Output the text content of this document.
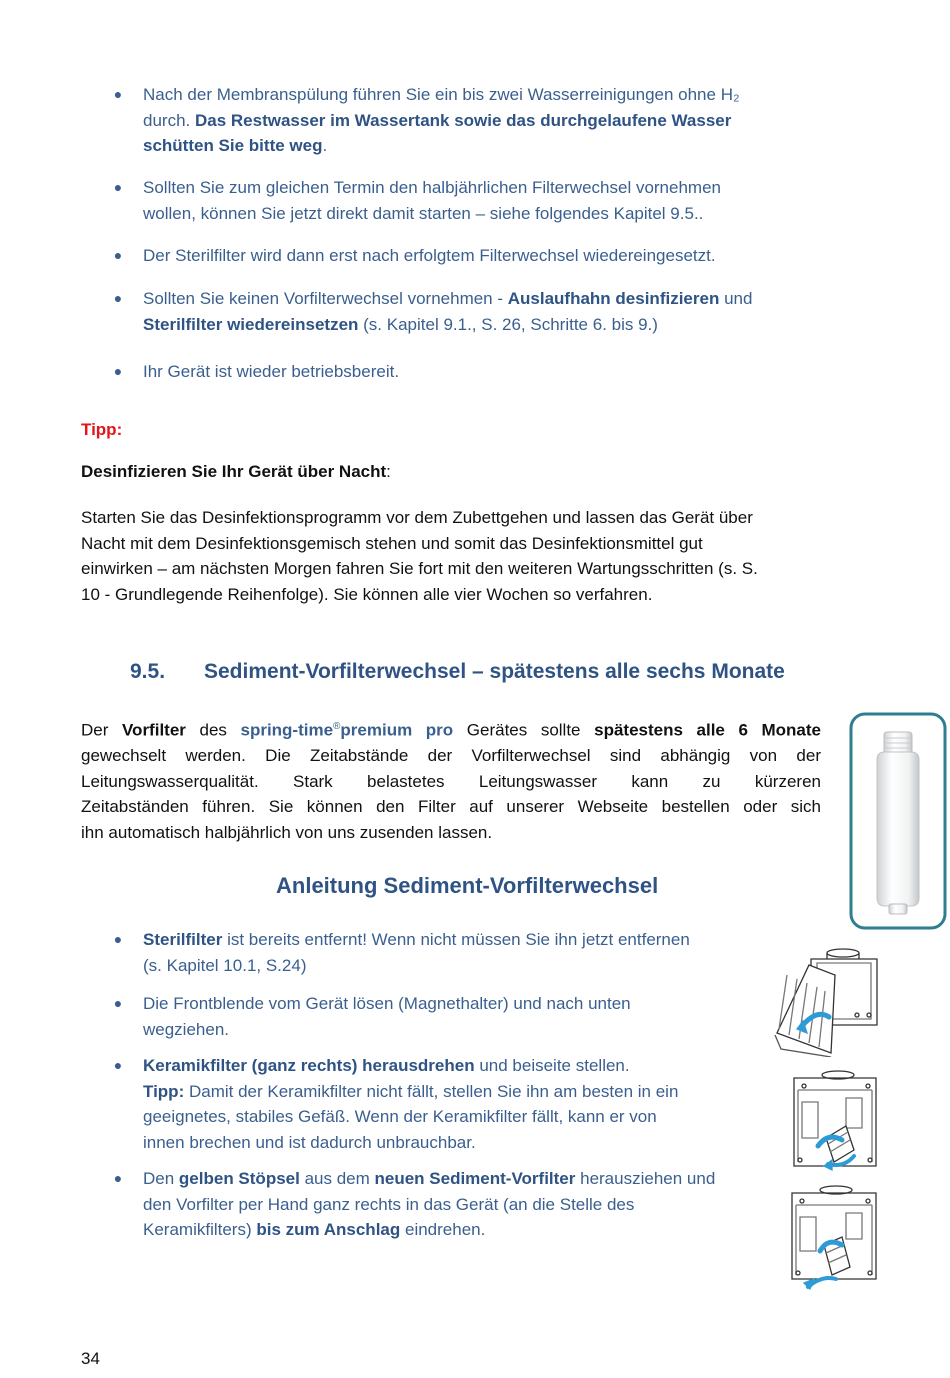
● Nach der Membranspülung führen Sie ein bis zwei Wasserreinigungen ohne H₂
durch. Das Restwasser im Wassertank sowie das durchgelaufene Wasser
schütten Sie bitte weg.
● Sollten Sie zum gleichen Termin den halbjährlichen Filterwechsel vornehmen
wollen, können Sie jetzt direkt damit starten – siehe folgendes Kapitel 9.5..
● Der Sterilfilter wird dann erst nach erfolgtem Filterwechsel wiedereingesetzt.
● Sollten Sie keinen Vorfilterwechsel vornehmen - Auslaufhahn desinfizieren und
Sterilfilter wiedereinsetzen (s. Kapitel 9.1., S. 26, Schritte 6. bis 9.)
● Ihr Gerät ist wieder betriebsbereit.
Tipp:
Desinfizieren Sie Ihr Gerät über Nacht:
Starten Sie das Desinfektionsprogramm vor dem Zubettgehen und lassen das Gerät über
Nacht mit dem Desinfektionsgemisch stehen und somit das Desinfektionsmittel gut
einwirken – am nächsten Morgen fahren Sie fort mit den weiteren Wartungsschritten (s. S.
10 - Grundlegende Reihenfolge). Sie können alle vier Wochen so verfahren.
9.5. Sediment-Vorfilterwechsel – spätestens alle sechs Monate
Der Vorfilter des spring-time®premium pro Gerätes sollte spätestens alle 6 Monate
gewechselt werden. Die Zeitabstände der Vorfilterwechsel sind abhängig von der
Leitungswasserqualität. Stark belastetes Leitungswasser kann zu kürzeren
Zeitabständen führen. Sie können den Filter auf unserer Webseite bestellen oder sich
ihn automatisch halbjährlich von uns zusenden lassen.
Anleitung Sediment-Vorfilterwechsel
● Sterilfilter ist bereits entfernt! Wenn nicht müssen Sie ihn jetzt entfernen
(s. Kapitel 10.1, S.24)
● Die Frontblende vom Gerät lösen (Magnethalter) und nach unten
wegziehen.
● Keramikfilter (ganz rechts) herausdrehen und beiseite stellen.
Tipp: Damit der Keramikfilter nicht fällt, stellen Sie ihn am besten in ein
geeignetes, stabiles Gefäß. Wenn der Keramikfilter fällt, kann er von
innen brechen und ist dadurch unbrauchbar.
● Den gelben Stöpsel aus dem neuen Sediment-Vorfilter herausziehen und
den Vorfilter per Hand ganz rechts in das Gerät (an die Stelle des
Keramikfilters) bis zum Anschlag eindrehen.
34
